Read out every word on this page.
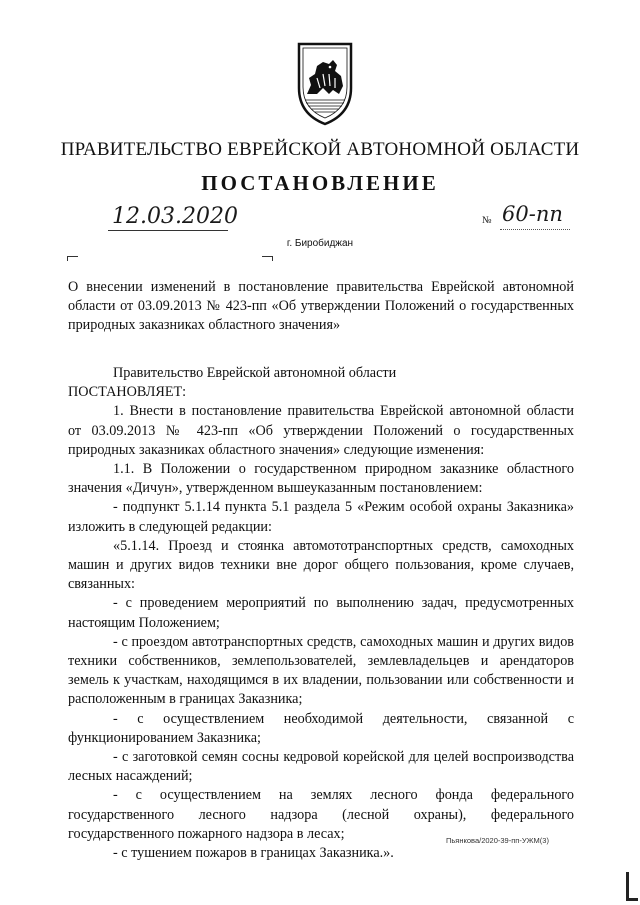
ПРАВИТЕЛЬСТВО ЕВРЕЙСКОЙ АВТОНОМНОЙ ОБЛАСТИ
ПОСТАНОВЛЕНИЕ
12.03.2020	№ 60-пп
г. Биробиджан
О внесении изменений в постановление правительства Еврейской автономной области от 03.09.2013 № 423-пп «Об утверждении Положений о государственных природных заказниках областного значения»

Правительство Еврейской автономной области

ПОСТАНОВЛЯЕТ:

1. Внести в постановление правительства Еврейской автономной области от 03.09.2013 № 423-пп «Об утверждении Положений о государственных природных заказниках областного значения» следующие изменения:

1.1. В Положении о государственном природном заказнике областного значения «Дичун», утвержденном вышеуказанным постановлением:

- подпункт 5.1.14 пункта 5.1 раздела 5 «Режим особой охраны Заказника» изложить в следующей редакции:

«5.1.14. Проезд и стоянка автомототранспортных средств, самоходных машин и других видов техники вне дорог общего пользования, кроме случаев, связанных:

- с проведением мероприятий по выполнению задач, предусмотренных настоящим Положением;

- с проездом автотранспортных средств, самоходных машин и других видов техники собственников, землепользователей, землевладельцев и арендаторов земель к участкам, находящимся в их владении, пользовании или собственности и расположенным в границах Заказника;

- с осуществлением необходимой деятельности, связанной с функционированием Заказника;

- с заготовкой семян сосны кедровой корейской для целей воспроизводства лесных насаждений;

- с осуществлением на землях лесного фонда федерального государственного лесного надзора (лесной охраны), федерального государственного пожарного надзора в лесах;

- с тушением пожаров в границах Заказника.».

Пьянкова/2020-39-пп-УЖМ(3)
